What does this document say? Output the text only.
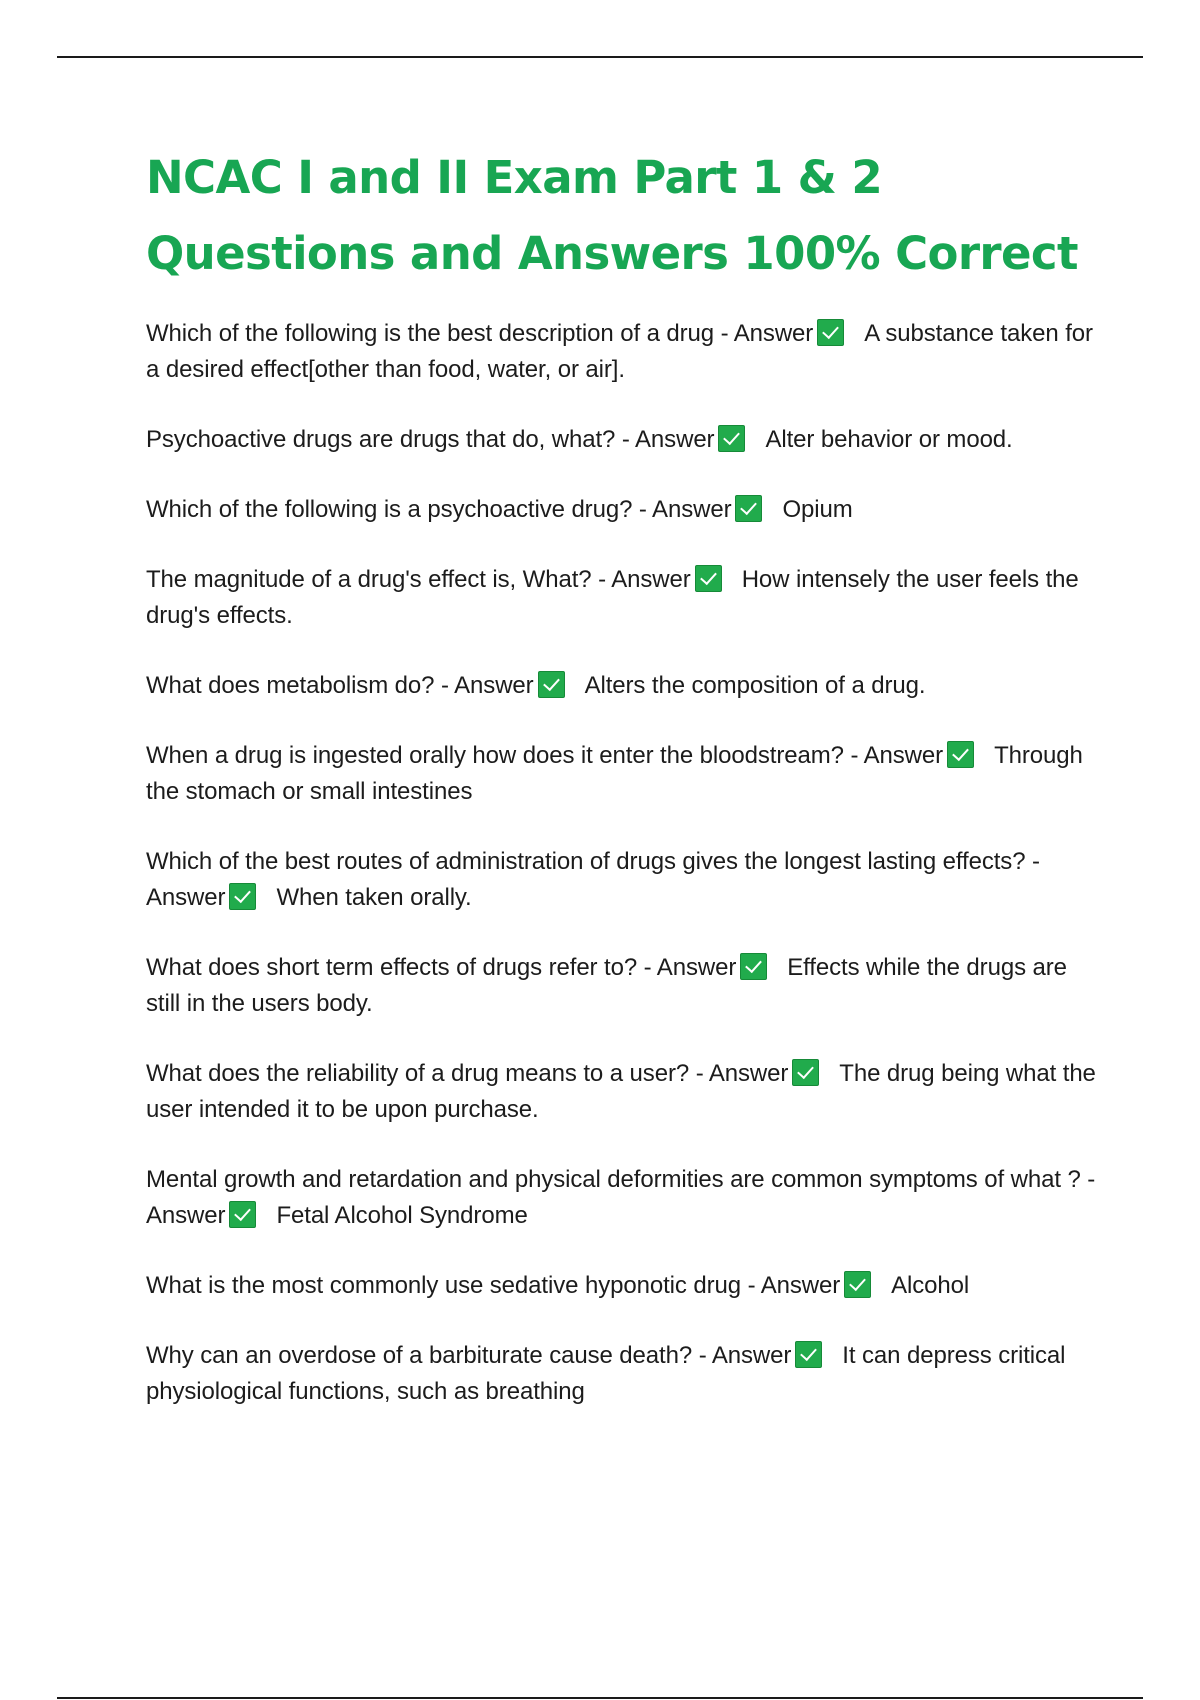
NCAC I and II Exam Part 1 & 2 Questions and Answers 100% Correct

Which of the following is the best description of a drug - Answer A substance taken for a desired effect[other than food, water, or air].

Psychoactive drugs are drugs that do, what? - Answer Alter behavior or mood.

Which of the following is a psychoactive drug? - Answer Opium

The magnitude of a drug's effect is, What? - Answer How intensely the user feels the drug's effects.

What does metabolism do? - Answer Alters the composition of a drug.

When a drug is ingested orally how does it enter the bloodstream? - Answer Through the stomach or small intestines

Which of the best routes of administration of drugs gives the longest lasting effects? - Answer When taken orally.

What does short term effects of drugs refer to? - Answer Effects while the drugs are still in the users body.

What does the reliability of a drug means to a user? - Answer The drug being what the user intended it to be upon purchase.

Mental growth and retardation and physical deformities are common symptoms of what ? - Answer Fetal Alcohol Syndrome

What is the most commonly use sedative hyponotic drug - Answer Alcohol

Why can an overdose of a barbiturate cause death? - Answer It can depress critical physiological functions, such as breathing
